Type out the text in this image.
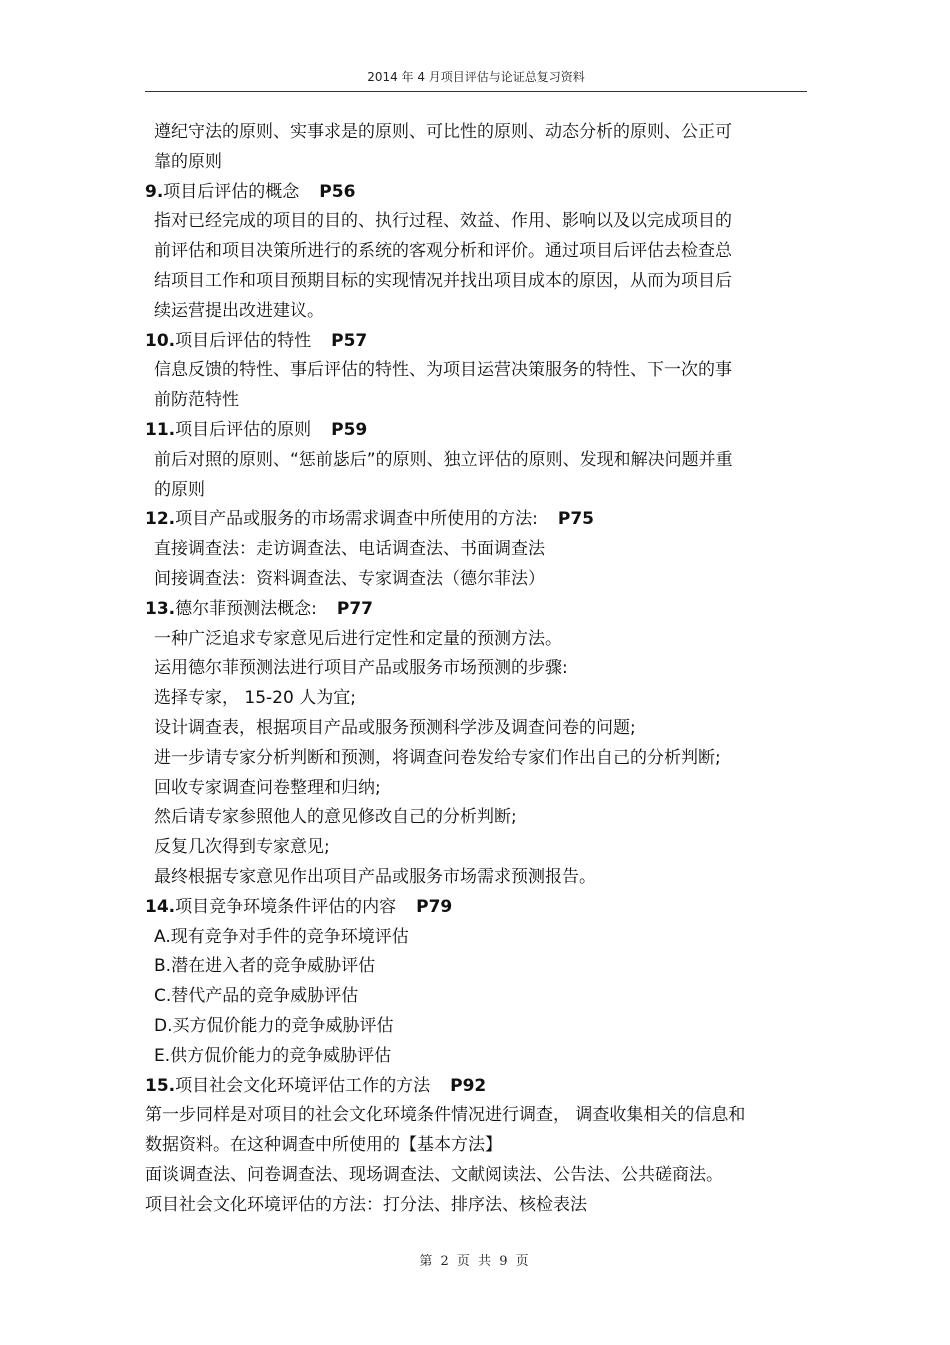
2014 年 4 月项目评估与论证总复习资料
遵纪守法的原则、实事求是的原则、可比性的原则、动态分析的原则、公正可
靠的原则
9.项目后评估的概念 P56
指对已经完成的项目的目的、执行过程、效益、作用、影响以及以完成项目的
前评估和项目决策所进行的系统的客观分析和评价。通过项目后评估去检查总
结项目工作和项目预期目标的实现情况并找出项目成本的原因，从而为项目后
续运营提出改进建议。
10.项目后评估的特性 P57
信息反馈的特性、事后评估的特性、为项目运营决策服务的特性、下一次的事
前防范特性
11.项目后评估的原则 P59
前后对照的原则、“惩前毖后”的原则、独立评估的原则、发现和解决问题并重
的原则
12.项目产品或服务的市场需求调查中所使用的方法: P75
直接调查法：走访调查法、电话调查法、书面调查法
间接调查法：资料调查法、专家调查法（德尔菲法）
13.德尔菲预测法概念: P77
一种广泛追求专家意见后进行定性和定量的预测方法。
运用德尔菲预测法进行项目产品或服务市场预测的步骤:
选择专家， 15-20 人为宜;
设计调查表，根据项目产品或服务预测科学涉及调查问卷的问题;
进一步请专家分析判断和预测，将调查问卷发给专家们作出自己的分析判断;
回收专家调查问卷整理和归纳;
然后请专家参照他人的意见修改自己的分析判断;
反复几次得到专家意见;
最终根据专家意见作出项目产品或服务市场需求预测报告。
14.项目竞争环境条件评估的内容 P79
A.现有竞争对手件的竞争环境评估
B.潜在进入者的竞争威胁评估
C.替代产品的竞争威胁评估
D.买方侃价能力的竞争威胁评估
E.供方侃价能力的竞争威胁评估
15.项目社会文化环境评估工作的方法 P92
第一步同样是对项目的社会文化环境条件情况进行调查， 调查收集相关的信息和
数据资料。在这种调查中所使用的【基本方法】
面谈调查法、问卷调查法、现场调查法、文献阅读法、公告法、公共磋商法。
项目社会文化环境评估的方法：打分法、排序法、核检表法
第 2 页 共 9 页
